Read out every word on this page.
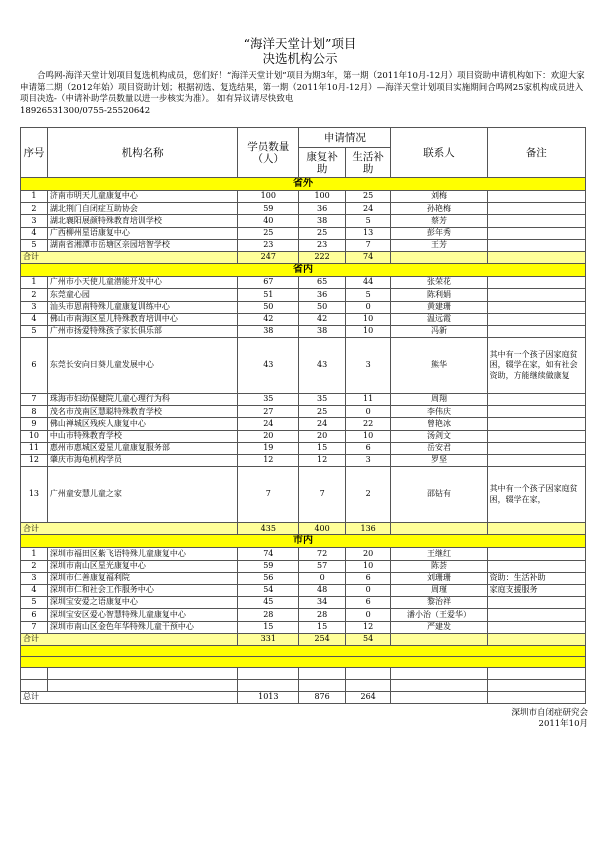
“海洋天堂计划”项目
决选机构公示

合鸣网-海洋天堂计划项目复选机构成员，您们好！“海洋天堂计划”项目为期3年，第一期（2011年10月-12月）项目资助申请机构如下：欢迎大家申请第二期（2012年始）项目资助计划；根据初选、复选结果，第一期（2011年10月-12月）—海洋天堂计划项目实施期间合鸣网25家机构成员进入项目决选-（申请补助学员数量以进一步核实为准）。 如有异议请尽快致电

18926531300/0755-25520642

序号	机构名称	学员数量（人）	申请情况		联系人	备注
			康复补助	生活补助		
省外						
1	济南市明天儿童康复中心	100	100	25	刘梅	
2	湖北荆门自闭症互助协会	59	36	24	孙艳梅	
3	湖北襄阳展颜特殊教育培训学校	40	38	5	蔡芳	
4	广西柳州星语康复中心	25	25	13	彭年秀	
5	湖南省湘潭市岳塘区亲园培智学校	23	23	7	王芳	
合计		247	222	74		
省内						
1	广州市小天使儿童潜能开发中心	67	65	44	张荣花	
2	东莞童心园	51	36	5	陈利娟	
3	汕头市恩南特殊儿童康复训练中心	50	50	0	黄建珊	
4	佛山市南海区星儿特殊教育培训中心	42	42	10	温远霞	
5	广州市扬爱特殊孩子家长俱乐部	38	38	10	冯新	
6	东莞长安向日葵儿童发展中心	43	43	3	熊华	其中有一个孩子因家庭贫困，辍学在家，如有社会资助，方能继续做康复
7	珠海市妇幼保健院儿童心理行为科	35	35	11	周翔	
8	茂名市茂南区慧聪特殊教育学校	27	25	0	李伟庆	
9	佛山禅城区残疾人康复中心	24	24	22	曾艳冰	
10	中山市特殊教育学校	20	20	10	汤剑文	
11	惠州市惠城区爱星儿童康复服务部	19	15	6	岳安君	
12	肇庆市海龟机构学员	12	12	3	罗坚	
13	广州童安慧儿童之家	7	7	2	邵钻有	其中有一个孩子因家庭贫困，辍学在家，
合计		435	400	136		
市内						
1	深圳市福田区紫飞语特殊儿童康复中心	74	72	20	王继红	
2	深圳市南山区星光康复中心	59	57	10	陈荟	
3	深圳市仁善康复福利院	56	0	6	刘珊珊	资助：生活补助
4	深圳市仁和社会工作服务中心	54	48	0	周瑾	家庭支援服务
5	深圳宝安爱之语康复中心	45	34	6	黎治祥	
6	深圳宝安区爱心智慧特殊儿童康复中心	28	28	0	潘小治（王爱华）	
7	深圳市南山区金色年华特殊儿童干预中心	15	15	12	严建发	
合计		331	254	54		

总计		1013	876	264		
深圳市自闭症研究会
2011年10月
